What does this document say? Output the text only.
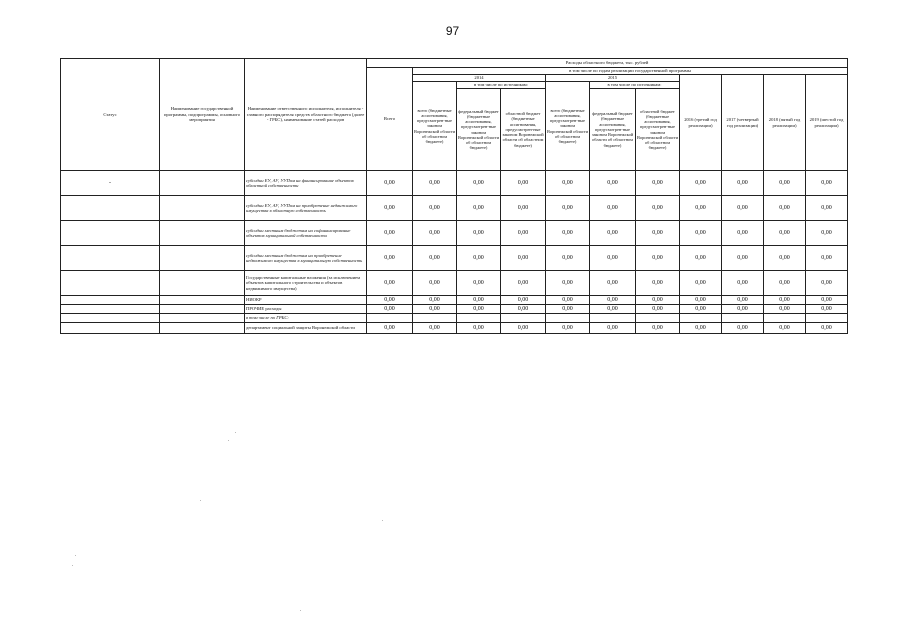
97
Статус	Наименование государственной программы, подпрограммы, основного мероприятия	Наименование ответственного исполнителя, исполнителя - главного распорядителя средств областного бюджета (далее - ГРБС), наименование статей расходов	Расходы областного бюджета, тыс. рублей										
			Всего	в том числе по годам реализации государственной программы									
				2014			2015			2016 (третий год реализации)	2017 (четвертый год реализации)	2018 (пятый год реализации)	2019 (шестой год реализации)
				всего (бюджетные ассигнования, предусмотрен-ные законом Воронежской области об областном бюджете)	в том числе по источникам:		всего (бюджетные ассигнования, предусмотрен-ные законом Воронежской области об областном бюджете)	в том числе по источникам:					
					федеральный бюджет (бюджетные ассигнования, предусмотрен-ные законом Воронежской области об областном бюджете)	областной бюджет (бюджетные ассигнования, предусмотрен-ные законом Воронежской области об областном бюджете)		федеральный бюджет (бюджетные ассигнования, предусмотрен-ные законом Воронежской области об областном бюджете)	областной бюджет (бюджетные ассигнования, предусмотрен-ные законом Воронежской области об областном бюджете)				
-		субсидии ЕУ, АУ, УУПом на финансирование объектов областной собственности	0,00	0,00	0,00	0,00	0,00	0,00	0,00	0,00	0,00	0,00	0,00
		субсидии ЕУ, АУ, УУПом на приобретение недвижимого имущества в областную собственность	0,00	0,00	0,00	0,00	0,00	0,00	0,00	0,00	0,00	0,00	0,00
		субсидии местным бюджетам на софинансирование объектов муниципальной собственности	0,00	0,00	0,00	0,00	0,00	0,00	0,00	0,00	0,00	0,00	0,00
		субсидии местным бюджетам на приобретение недвижимого имущества в муниципальную собственность	0,00	0,00	0,00	0,00	0,00	0,00	0,00	0,00	0,00	0,00	0,00
		Государственные капитальные вложения (за исключением объектов капитального строительства и объектов недвижимого имущества)	0,00	0,00	0,00	0,00	0,00	0,00	0,00	0,00	0,00	0,00	0,00
		НИОКР	0,00	0,00	0,00	0,00	0,00	0,00	0,00	0,00	0,00	0,00	0,00
		ПРОЧИЕ расходы	0,00	0,00	0,00	0,00	0,00	0,00	0,00	0,00	0,00	0,00	0,00
		в том числе по ГРБС:											
		департамент социальной защиты Воронежской области	0,00	0,00	0,00	0,00	0,00	0,00	0,00	0,00	0,00	0,00	0,00
